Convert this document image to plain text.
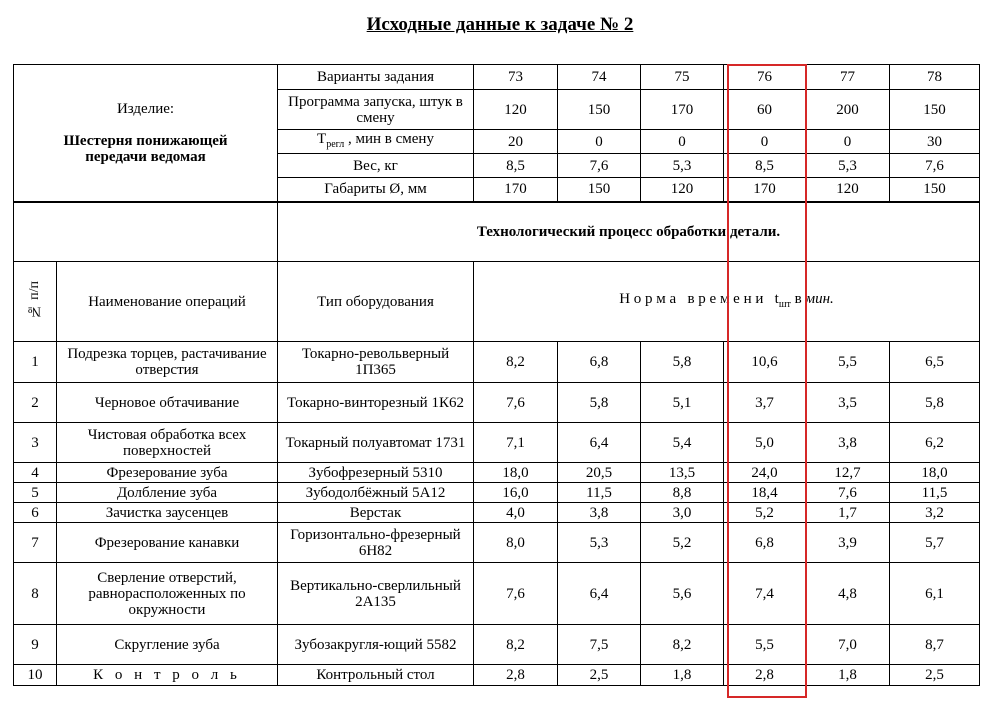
Исходные данные к задаче № 2
Изделие:
Шестерня понижающей передачи ведомая		Варианты задания	73	74	75	76	77	78
		Программа запуска, штук в смену	120	150	170	60	200	150
		$T_{регл}$ , мин в смену	20	0	0	0	0	30
		Вес, кг	8,5	7,6	5,3	8,5	5,3	7,6
		Габариты Ø, мм	170	150	120	170	120	150
		Технологический процесс обработки детали.						
№ п/п	Наименование операций	Тип оборудования	Н о р м а   в р е м е н и   $t_{шт}$ в мин.					
1	Подрезка торцев, растачивание отверстия	Токарно-револьверный 1П365	8,2	6,8	5,8	10,6	5,5	6,5
2	Черновое обтачивание	Токарно-винторезный 1К62	7,6	5,8	5,1	3,7	3,5	5,8
3	Чистовая обработка всех поверхностей	Токарный полуавтомат 1731	7,1	6,4	5,4	5,0	3,8	6,2
4	Фрезерование зуба	Зубофрезерный 5310	18,0	20,5	13,5	24,0	12,7	18,0
5	Долбление зуба	Зубодолбёжный 5А12	16,0	11,5	8,8	18,4	7,6	11,5
6	Зачистка заусенцев	Верстак	4,0	3,8	3,0	5,2	1,7	3,2
7	Фрезерование канавки	Горизонтально-фрезерный 6Н82	8,0	5,3	5,2	6,8	3,9	5,7
8	Сверление отверстий, равнорасположенных по окружности	Вертикально-сверлильный 2А135	7,6	6,4	5,6	7,4	4,8	6,1
9	Скругление зуба	Зубозакругля-ющий 5582	8,2	7,5	8,2	5,5	7,0	8,7
10	К о н т р о л ь	Контрольный стол	2,8	2,5	1,8	2,8	1,8	2,5
